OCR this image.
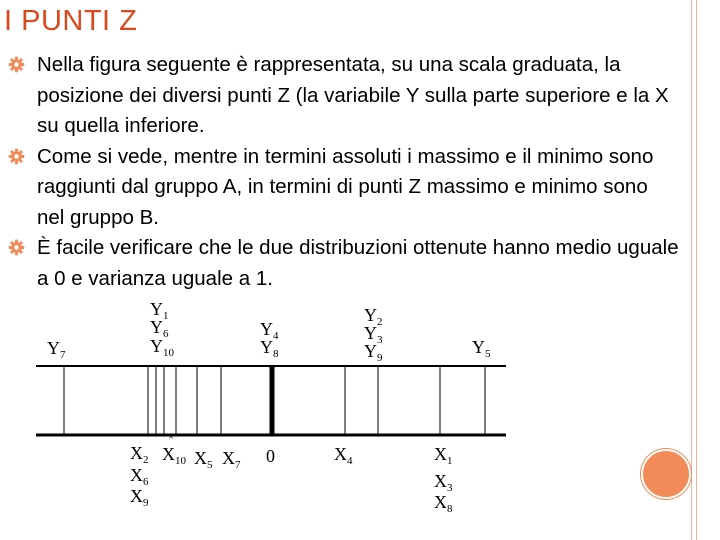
I PUNTI Z
Nella figura seguente è rappresentata, su una scala graduata, la posizione dei diversi punti Z (la variabile Y sulla parte superiore e la X su quella inferiore.
Come si vede, mentre in termini assoluti i massimo e il minimo sono raggiunti dal gruppo A, in termini di punti Z massimo e minimo sono nel gruppo B.
È facile verificare che le due distribuzioni ottenute hanno medio uguale a 0 e varianza uguale a 1.
×
$Y_1$
$Y_6$
$Y_{10}$
$Y_7$
$Y_4$
$Y_8$
$Y_2$
$Y_3$
$Y_9$
$Y_5$
$X_2$
$X_6$
$X_9$
$X_{10}$ $X_5$ $X_7$ 0	$X_4$	$X_1$
$X_3$
$X_8$
